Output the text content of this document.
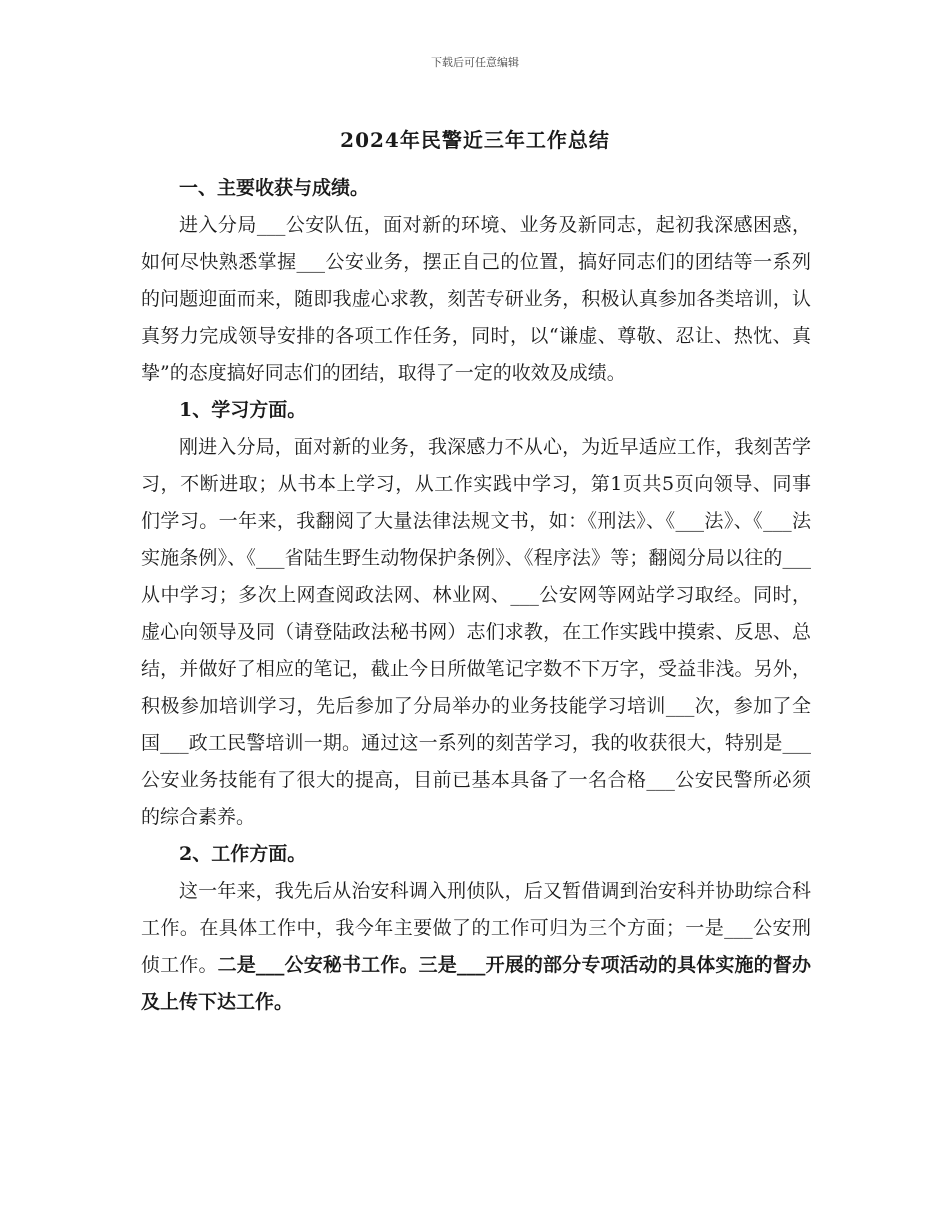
下载后可任意编辑
2024年民警近三年工作总结

一、主要收获与成绩。

进入分局___公安队伍，面对新的环境、业务及新同志，起初我深感困惑，如何尽快熟悉掌握___公安业务，摆正自己的位置，搞好同志们的团结等一系列的问题迎面而来，随即我虚心求教，刻苦专研业务，积极认真参加各类培训，认真努力完成领导安排的各项工作任务，同时，以“谦虚、尊敬、忍让、热忱、真挚”的态度搞好同志们的团结，取得了一定的收效及成绩。

1、学习方面。

刚进入分局，面对新的业务，我深感力不从心，为近早适应工作，我刻苦学习，不断进取；从书本上学习，从工作实践中学习，第1页共5页向领导、同事们学习。一年来，我翻阅了大量法律法规文书，如：《刑法》、《___法》、《___法实施条例》、《___省陆生野生动物保护条例》、《程序法》等；翻阅分局以往的___从中学习；多次上网查阅政法网、林业网、___公安网等网站学习取经。同时，虚心向领导及同（请登陆政法秘书网）志们求教，在工作实践中摸索、反思、总结，并做好了相应的笔记，截止今日所做笔记字数不下万字，受益非浅。另外，积极参加培训学习，先后参加了分局举办的业务技能学习培训___次，参加了全国___政工民警培训一期。通过这一系列的刻苦学习，我的收获很大，特别是___公安业务技能有了很大的提高，目前已基本具备了一名合格___公安民警所必须的综合素养。

2、工作方面。

这一年来，我先后从治安科调入刑侦队，后又暂借调到治安科并协助综合科工作。在具体工作中，我今年主要做了的工作可归为三个方面；一是___公安刑侦工作。二是___公安秘书工作。三是___开展的部分专项活动的具体实施的督办及上传下达工作。
